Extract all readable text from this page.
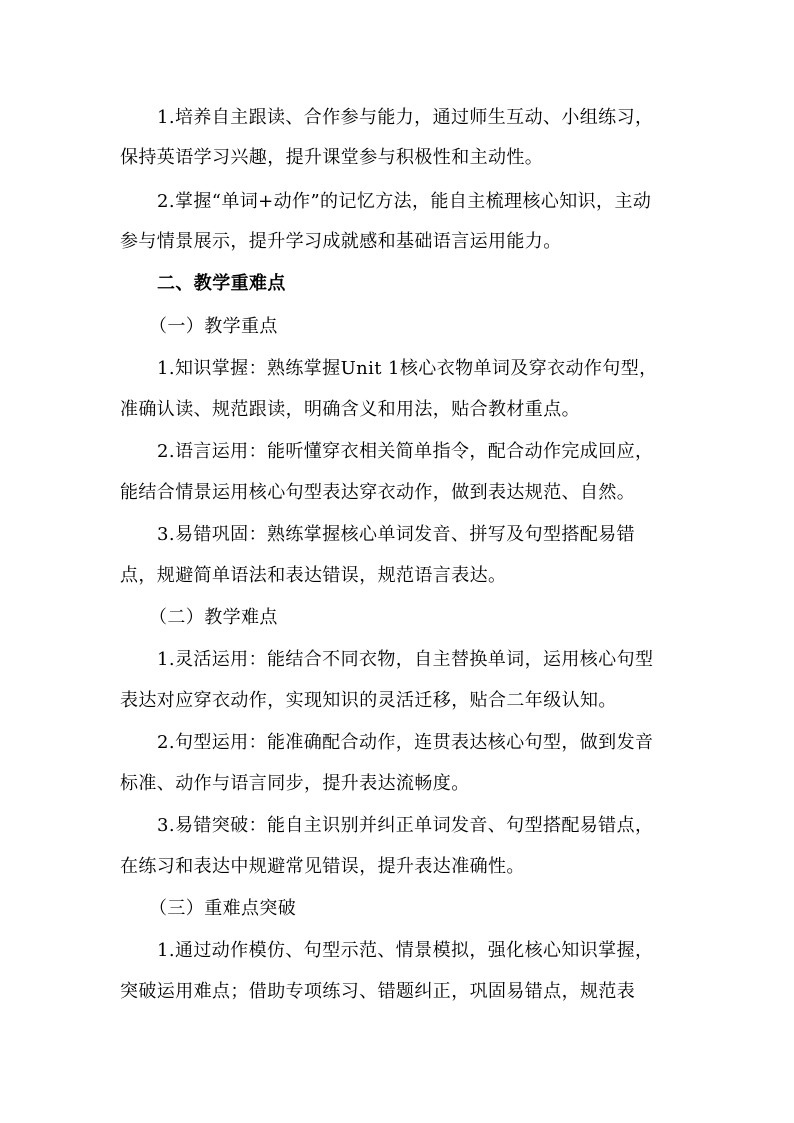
1.培养自主跟读、合作参与能力，通过师生互动、小组练习，
保持英语学习兴趣，提升课堂参与积极性和主动性。
2.掌握“单词+动作”的记忆方法，能自主梳理核心知识，主动
参与情景展示，提升学习成就感和基础语言运用能力。
二、教学重难点
（一）教学重点
1.知识掌握：熟练掌握Unit 1核心衣物单词及穿衣动作句型，
准确认读、规范跟读，明确含义和用法，贴合教材重点。
2.语言运用：能听懂穿衣相关简单指令，配合动作完成回应，
能结合情景运用核心句型表达穿衣动作，做到表达规范、自然。
3.易错巩固：熟练掌握核心单词发音、拼写及句型搭配易错
点，规避简单语法和表达错误，规范语言表达。
（二）教学难点
1.灵活运用：能结合不同衣物，自主替换单词，运用核心句型
表达对应穿衣动作，实现知识的灵活迁移，贴合二年级认知。
2.句型运用：能准确配合动作，连贯表达核心句型，做到发音
标准、动作与语言同步，提升表达流畅度。
3.易错突破：能自主识别并纠正单词发音、句型搭配易错点，
在练习和表达中规避常见错误，提升表达准确性。
（三）重难点突破
1.通过动作模仿、句型示范、情景模拟，强化核心知识掌握，
突破运用难点；借助专项练习、错题纠正，巩固易错点，规范表
